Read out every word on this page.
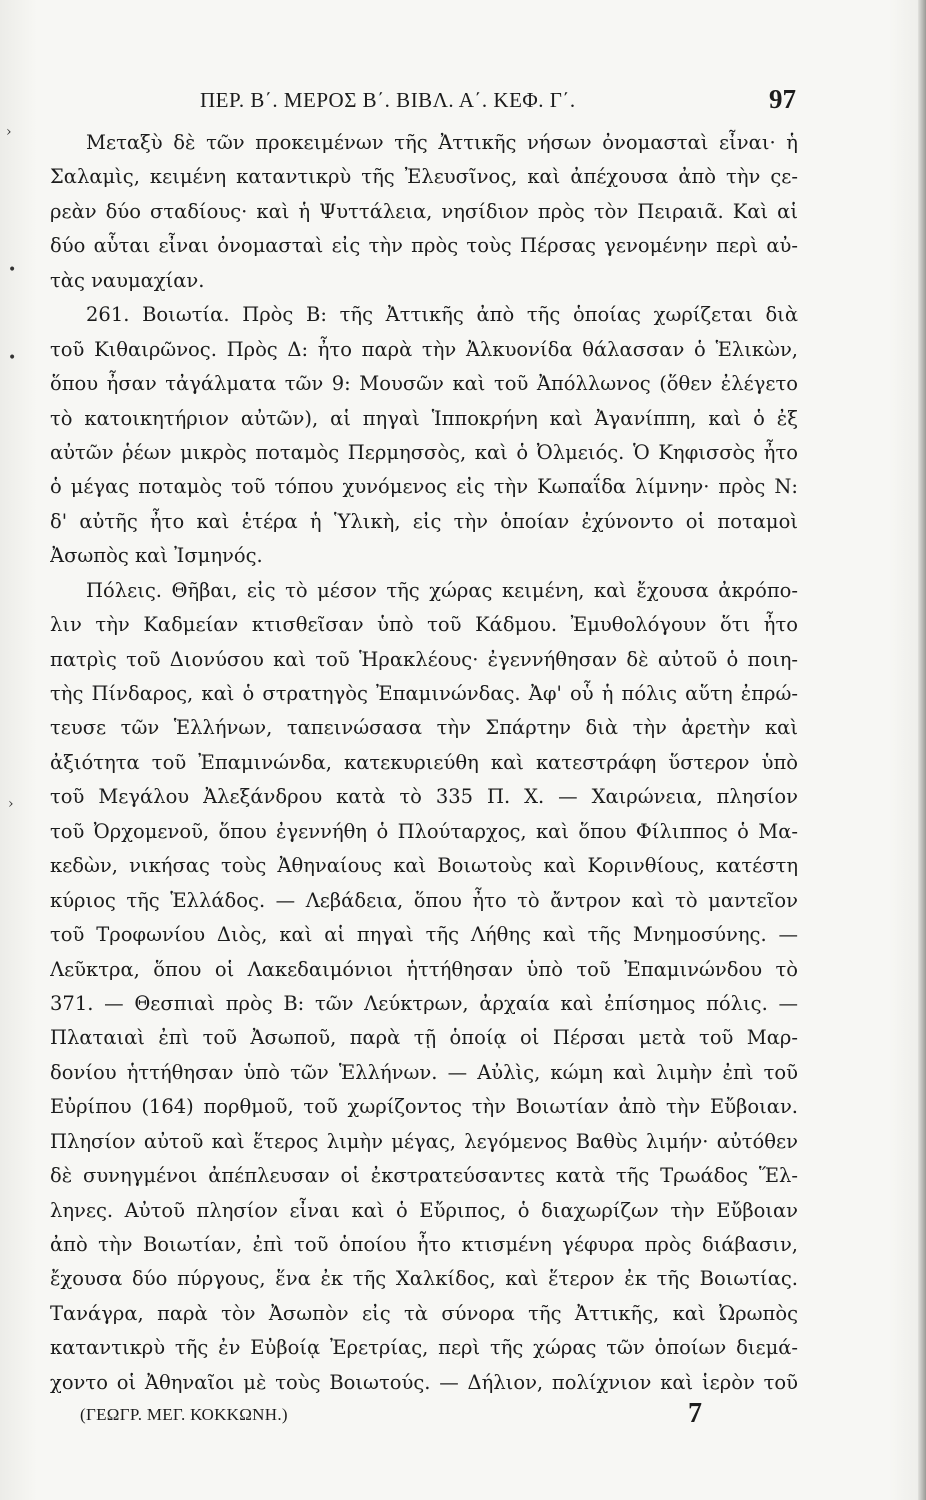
ΠΕΡ. Β΄. ΜΕΡΟΣ Β΄. ΒΙΒΛ. Α΄. ΚΕΦ. Γ΄.	97
›
•
•
›
Μεταξὺ δὲ τῶν προκειμένων τῆς Ἀττικῆς νήσων ὀνομασταὶ εἶναι· ἡ
Σαλαμὶς, κειμένη καταντικρὺ τῆς Ἐλευσῖνος, καὶ ἀπέχουσα ἀπὸ τὴν ςε-
ρεὰν δύο σταδίους· καὶ ἡ Ψυττάλεια, νησίδιον πρὸς τὸν Πειραιᾶ. Καὶ αἱ
δύο αὗται εἶναι ὀνομασταὶ εἰς τὴν πρὸς τοὺς Πέρσας γενομένην περὶ αὐ-
τὰς ναυμαχίαν.
261. Βοιωτία. Πρὸς Β: τῆς Ἀττικῆς ἀπὸ τῆς ὁποίας χωρίζεται διὰ
τοῦ Κιθαιρῶνος. Πρὸς Δ: ἦτο παρὰ τὴν Ἀλκυονίδα θάλασσαν ὁ Ἑλικὼν,
ὅπου ἦσαν τἀγάλματα τῶν 9: Μουσῶν καὶ τοῦ Ἀπόλλωνος (ὅθεν ἐλέγετο
τὸ κατοικητήριον αὐτῶν), αἱ πηγαὶ Ἱπποκρήνη καὶ Ἀγανίππη, καὶ ὁ ἐξ
αὐτῶν ῥέων μικρὸς ποταμὸς Περμησσὸς, καὶ ὁ Ὀλμειός. Ὁ Κηφισσὸς ἦτο
ὁ μέγας ποταμὸς τοῦ τόπου χυνόμενος εἰς τὴν Κωπαΐδα λίμνην· πρὸς Ν:
δ' αὐτῆς ἦτο καὶ ἑτέρα ἡ Ὑλικὴ, εἰς τὴν ὁποίαν ἐχύνοντο οἱ ποταμοὶ
Ἀσωπὸς καὶ Ἰσμηνός.
Πόλεις. Θῆβαι, εἰς τὸ μέσον τῆς χώρας κειμένη, καὶ ἔχουσα ἀκρόπο-
λιν τὴν Καδμείαν κτισθεῖσαν ὑπὸ τοῦ Κάδμου. Ἐμυθολόγουν ὅτι ἦτο
πατρὶς τοῦ Διονύσου καὶ τοῦ Ἡρακλέους· ἐγεννήθησαν δὲ αὐτοῦ ὁ ποιη-
τὴς Πίνδαρος, καὶ ὁ στρατηγὸς Ἐπαμινώνδας. Ἀφ' οὗ ἡ πόλις αὕτη ἐπρώ-
τευσε τῶν Ἑλλήνων, ταπεινώσασα τὴν Σπάρτην διὰ τὴν ἀρετὴν καὶ
ἀξιότητα τοῦ Ἐπαμινώνδα, κατεκυριεύθη καὶ κατεστράφη ὕστερον ὑπὸ
τοῦ Μεγάλου Ἀλεξάνδρου κατὰ τὸ 335 Π. Χ. — Χαιρώνεια, πλησίον
τοῦ Ὀρχομενοῦ, ὅπου ἐγεννήθη ὁ Πλούταρχος, καὶ ὅπου Φίλιππος ὁ Μα-
κεδὼν, νικήσας τοὺς Ἀθηναίους καὶ Βοιωτοὺς καὶ Κορινθίους, κατέστη
κύριος τῆς Ἑλλάδος. — Λεβάδεια, ὅπου ἦτο τὸ ἄντρον καὶ τὸ μαντεῖον
τοῦ Τροφωνίου Διὸς, καὶ αἱ πηγαὶ τῆς Λήθης καὶ τῆς Μνημοσύνης. —
Λεῦκτρα, ὅπου οἱ Λακεδαιμόνιοι ἡττήθησαν ὑπὸ τοῦ Ἐπαμινώνδου τὸ
371. — Θεσπιαὶ πρὸς Β: τῶν Λεύκτρων, ἀρχαία καὶ ἐπίσημος πόλις. —
Πλαταιαὶ ἐπὶ τοῦ Ἀσωποῦ, παρὰ τῇ ὁποίᾳ οἱ Πέρσαι μετὰ τοῦ Μαρ-
δονίου ἡττήθησαν ὑπὸ τῶν Ἑλλήνων. — Αὐλὶς, κώμη καὶ λιμὴν ἐπὶ τοῦ
Εὐρίπου (164) πορθμοῦ, τοῦ χωρίζοντος τὴν Βοιωτίαν ἀπὸ τὴν Εὔβοιαν.
Πλησίον αὐτοῦ καὶ ἕτερος λιμὴν μέγας, λεγόμενος Βαθὺς λιμήν· αὐτόθεν
δὲ συνηγμένοι ἀπέπλευσαν οἱ ἐκστρατεύσαντες κατὰ τῆς Τρωάδος Ἕλ-
ληνες. Αὐτοῦ πλησίον εἶναι καὶ ὁ Εὔριπος, ὁ διαχωρίζων τὴν Εὔβοιαν
ἀπὸ τὴν Βοιωτίαν, ἐπὶ τοῦ ὁποίου ἦτο κτισμένη γέφυρα πρὸς διάβασιν,
ἔχουσα δύο πύργους, ἕνα ἐκ τῆς Χαλκίδος, καὶ ἕτερον ἐκ τῆς Βοιωτίας.
Τανάγρα, παρὰ τὸν Ἀσωπὸν εἰς τὰ σύνορα τῆς Ἀττικῆς, καὶ Ὠρωπὸς
καταντικρὺ τῆς ἐν Εὐβοίᾳ Ἐρετρίας, περὶ τῆς χώρας τῶν ὁποίων διεμά-
χοντο οἱ Ἀθηναῖοι μὲ τοὺς Βοιωτούς. — Δήλιον, πολίχνιον καὶ ἱερὸν τοῦ
(ΓΕΩΓΡ. ΜΕΓ. ΚΟΚΚΩΝΗ.)	7
